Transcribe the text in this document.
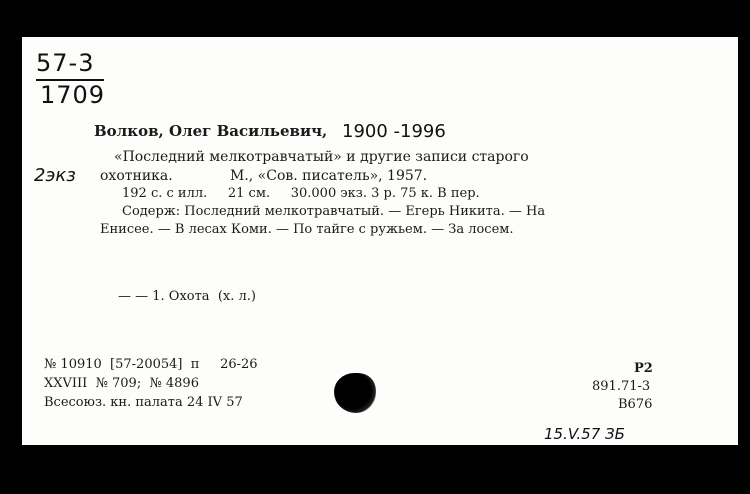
57-3
1709
Волков, Олег Васильевич, 1900 -1996
2экз
«Последний мелкотравчатый» и другие записи старого
охотника.	М., «Сов. писатель», 1957.
192 с. с илл.     21 см.     30.000 экз. 3 р. 75 к. В пер.
Содерж: Последний мелкотравчатый. — Егерь Никита. — На
Енисее. — В лесах Коми. — По тайге с ружьем. — За лосем.
— — 1. Охота  (х. л.)
№ 10910  [57-20054]  п     26-26
XXVIII  № 709;  № 4896
Всесоюз. кн. палата 24 IV 57
Р2
891.71-3
В676
15.V.57 ЗБ
